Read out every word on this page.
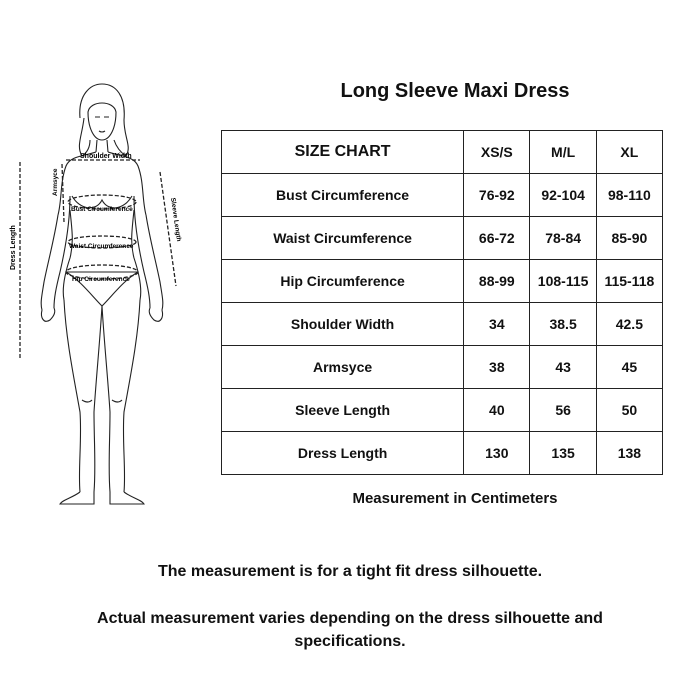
Shoulder Width
Bust Circumference
Waist Circumference
Hip Circumference
Armsyce
Sleeve Length
Dress Length
Long Sleeve Maxi Dress
SIZE CHART	XS/S	M/L	XL
Bust Circumference	76-92	92-104	98-110
Waist Circumference	66-72	78-84	85-90
Hip Circumference	88-99	108-115	115-118
Shoulder Width	34	38.5	42.5
Armsyce	38	43	45
Sleeve Length	40	56	50
Dress Length	130	135	138
Measurement in Centimeters
The measurement is for a tight fit dress silhouette.
Actual measurement varies depending on the dress silhouette and specifications.
